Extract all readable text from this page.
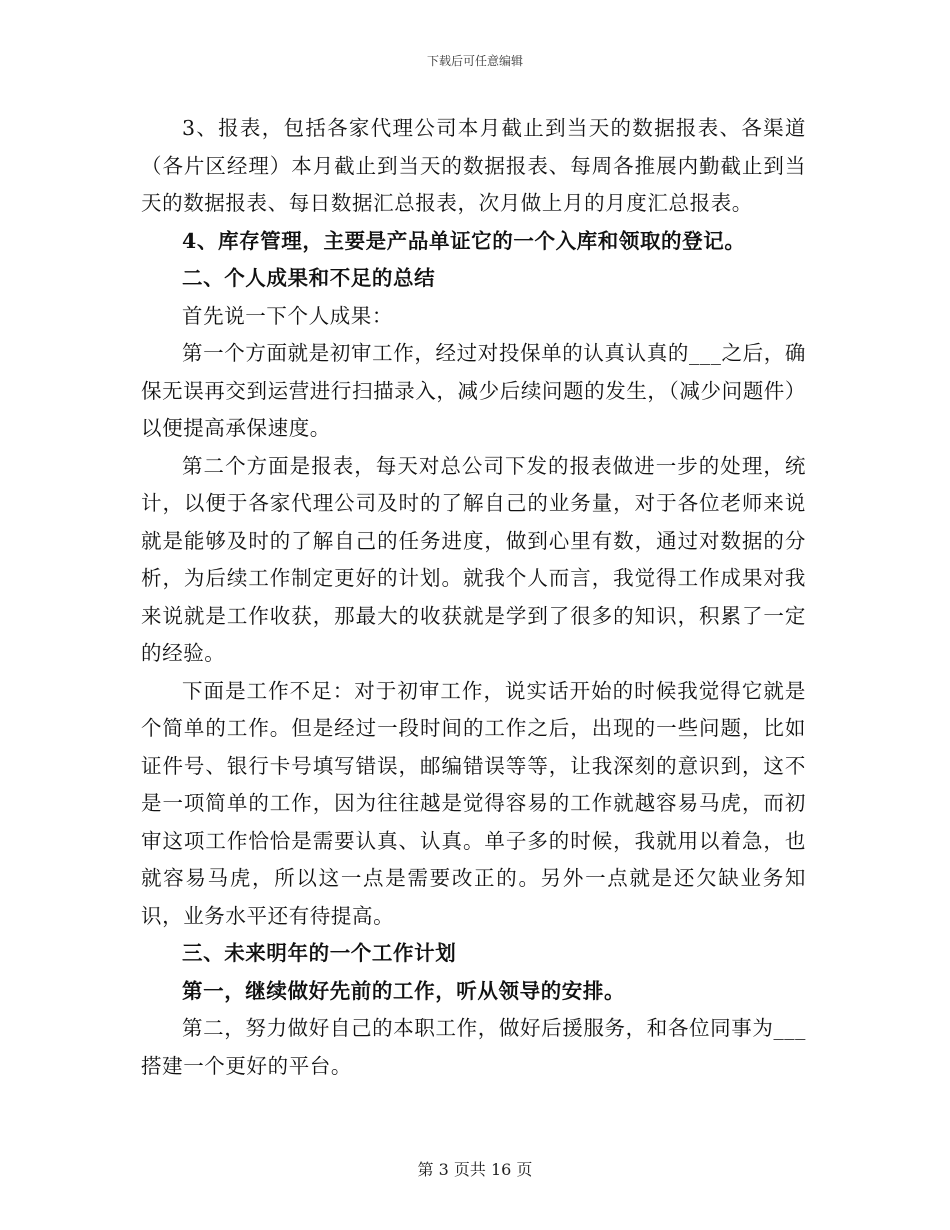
下载后可任意编辑

3、报表，包括各家代理公司本月截止到当天的数据报表、各渠道（各片区经理）本月截止到当天的数据报表、每周各推展内勤截止到当天的数据报表、每日数据汇总报表，次月做上月的月度汇总报表。

4、库存管理，主要是产品单证它的一个入库和领取的登记。

二、个人成果和不足的总结

首先说一下个人成果：

第一个方面就是初审工作，经过对投保单的认真认真的___之后，确保无误再交到运营进行扫描录入，减少后续问题的发生，（减少问题件）以便提高承保速度。

第二个方面是报表，每天对总公司下发的报表做进一步的处理，统计，以便于各家代理公司及时的了解自己的业务量，对于各位老师来说就是能够及时的了解自己的任务进度，做到心里有数，通过对数据的分析，为后续工作制定更好的计划。就我个人而言，我觉得工作成果对我来说就是工作收获，那最大的收获就是学到了很多的知识，积累了一定的经验。

下面是工作不足：对于初审工作，说实话开始的时候我觉得它就是个简单的工作。但是经过一段时间的工作之后，出现的一些问题，比如证件号、银行卡号填写错误，邮编错误等等，让我深刻的意识到，这不是一项简单的工作，因为往往越是觉得容易的工作就越容易马虎，而初审这项工作恰恰是需要认真、认真。单子多的时候，我就用以着急，也就容易马虎，所以这一点是需要改正的。另外一点就是还欠缺业务知识，业务水平还有待提高。

三、未来明年的一个工作计划

第一，继续做好先前的工作，听从领导的安排。

第二，努力做好自己的本职工作，做好后援服务，和各位同事为___搭建一个更好的平台。

第 3 页共 16 页
